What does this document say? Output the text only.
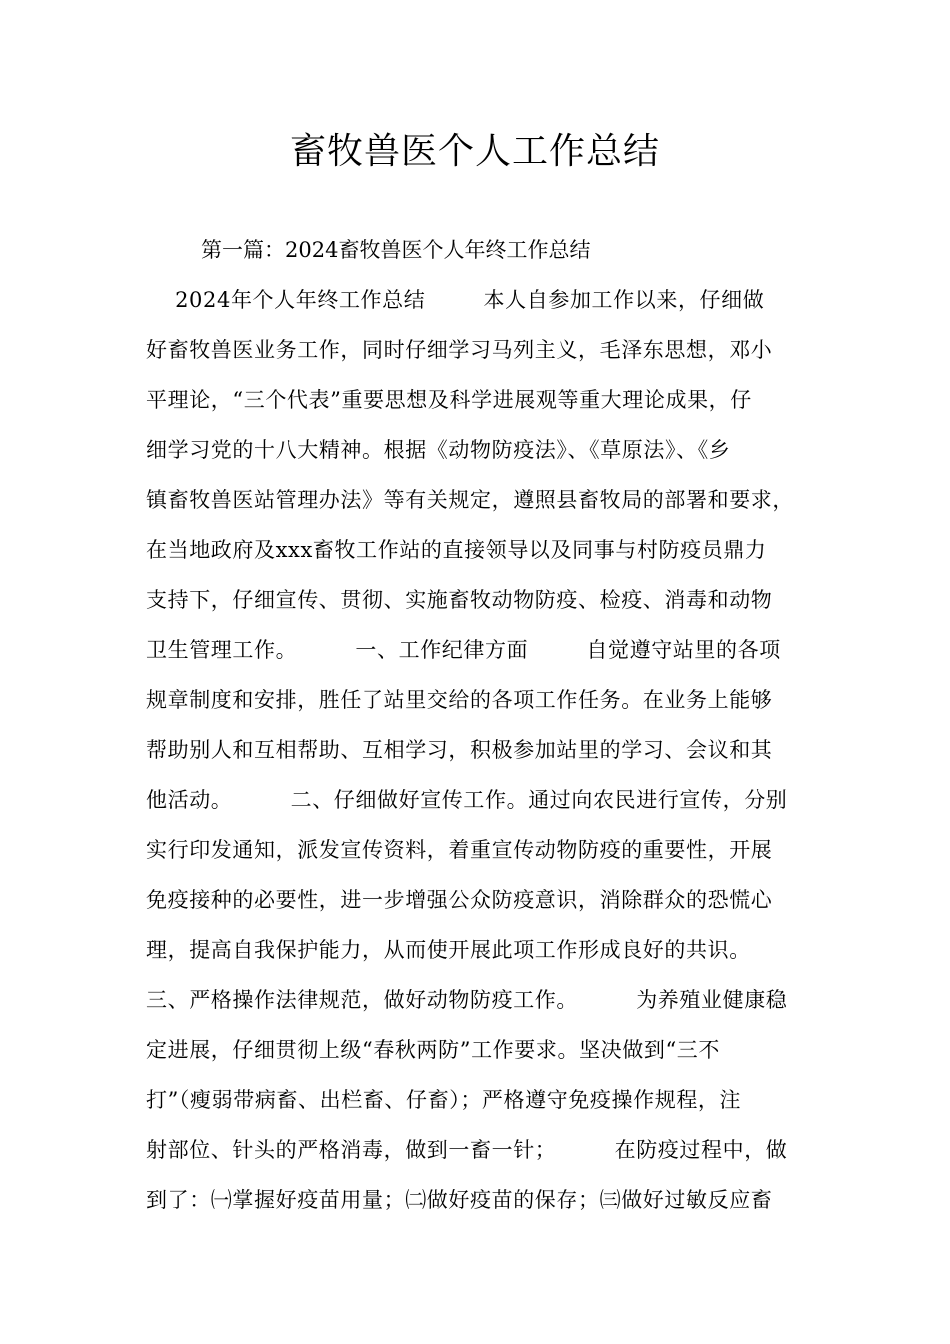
畜牧兽医个人工作总结

第一篇：2024畜牧兽医个人年终工作总结

2024年个人年终工作总结        本人自参加工作以来，仔细做
好畜牧兽医业务工作，同时仔细学习马列主义，毛泽东思想，邓小
平理论，“三个代表”重要思想及科学进展观等重大理论成果，仔
细学习党的十八大精神。根据《动物防疫法》、《草原法》、《乡
镇畜牧兽医站管理办法》等有关规定，遵照县畜牧局的部署和要求，
在当地政府及xxx畜牧工作站的直接领导以及同事与村防疫员鼎力
支持下，仔细宣传、贯彻、实施畜牧动物防疫、检疫、消毒和动物
卫生管理工作。        一、工作纪律方面        自觉遵守站里的各项
规章制度和安排，胜任了站里交给的各项工作任务。在业务上能够
帮助别人和互相帮助、互相学习，积极参加站里的学习、会议和其
他活动。        二、仔细做好宣传工作。通过向农民进行宣传，分别
实行印发通知，派发宣传资料，着重宣传动物防疫的重要性，开展
免疫接种的必要性，进一步增强公众防疫意识，消除群众的恐慌心
理，提高自我保护能力，从而使开展此项工作形成良好的共识。
三、严格操作法律规范，做好动物防疫工作。        为养殖业健康稳
定进展，仔细贯彻上级“春秋两防”工作要求。坚决做到“三不
打”（瘦弱带病畜、出栏畜、仔畜）；严格遵守免疫操作规程，注
射部位、针头的严格消毒，做到一畜一针；        在防疫过程中，做
到了：㈠掌握好疫苗用量；㈡做好疫苗的保存；㈢做好过敏反应畜
